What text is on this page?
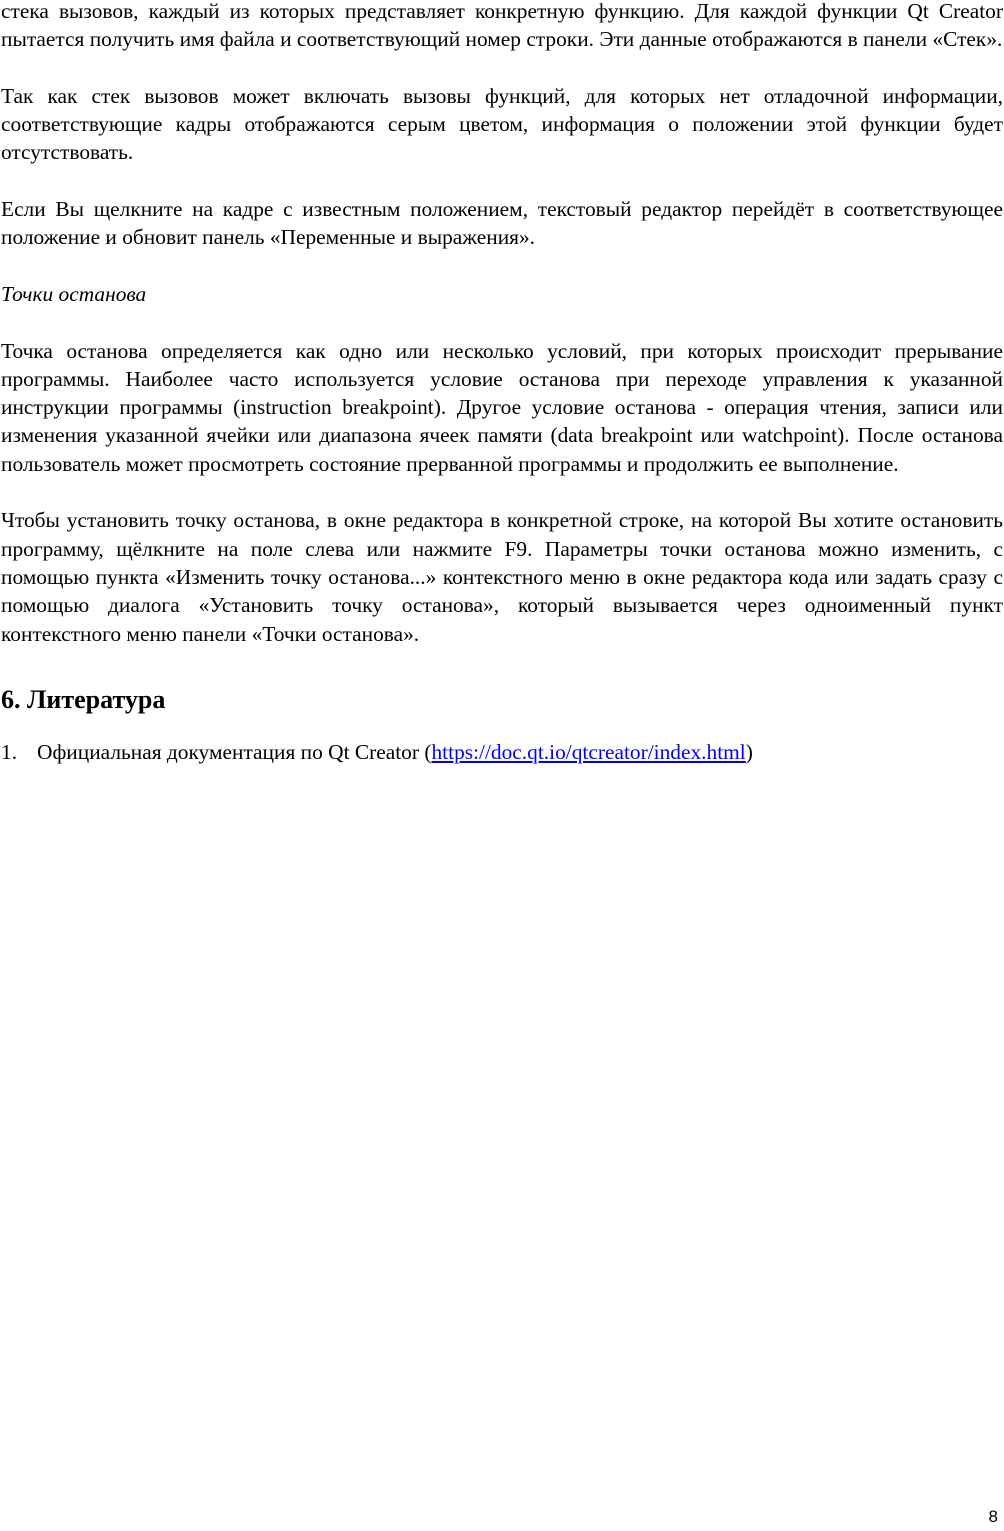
стека вызовов, каждый из которых представляет конкретную функцию. Для каждой функции Qt Creator пытается получить имя файла и соответствующий номер строки. Эти данные отображаются в панели «Стек».

Так как стек вызовов может включать вызовы функций, для которых нет отладочной информации, соответствующие кадры отображаются серым цветом, информация о положении этой функции будет отсутствовать.

Если Вы щелкните на кадре с известным положением, текстовый редактор перейдёт в соответствующее положение и обновит панель «Переменные и выражения».

Точки останова

Точка останова определяется как одно или несколько условий, при которых происходит прерывание программы. Наиболее часто используется условие останова при переходе управления к указанной инструкции программы (instruction breakpoint). Другое условие останова - операция чтения, записи или изменения указанной ячейки или диапазона ячеек памяти (data breakpoint или watchpoint). После останова пользователь может просмотреть состояние прерванной программы и продолжить ее выполнение.

Чтобы установить точку останова, в окне редактора в конкретной строке, на которой Вы хотите остановить программу, щёлкните на поле слева или нажмите F9. Параметры точки останова можно изменить, с помощью пункта «Изменить точку останова...» контекстного меню в окне редактора кода или задать сразу с помощью диалога «Установить точку останова», который вызывается через одноименный пункт контекстного меню панели «Точки останова».

6. Литература
1. Официальная документация по Qt Creator (https://doc.qt.io/qtcreator/index.html)
8
